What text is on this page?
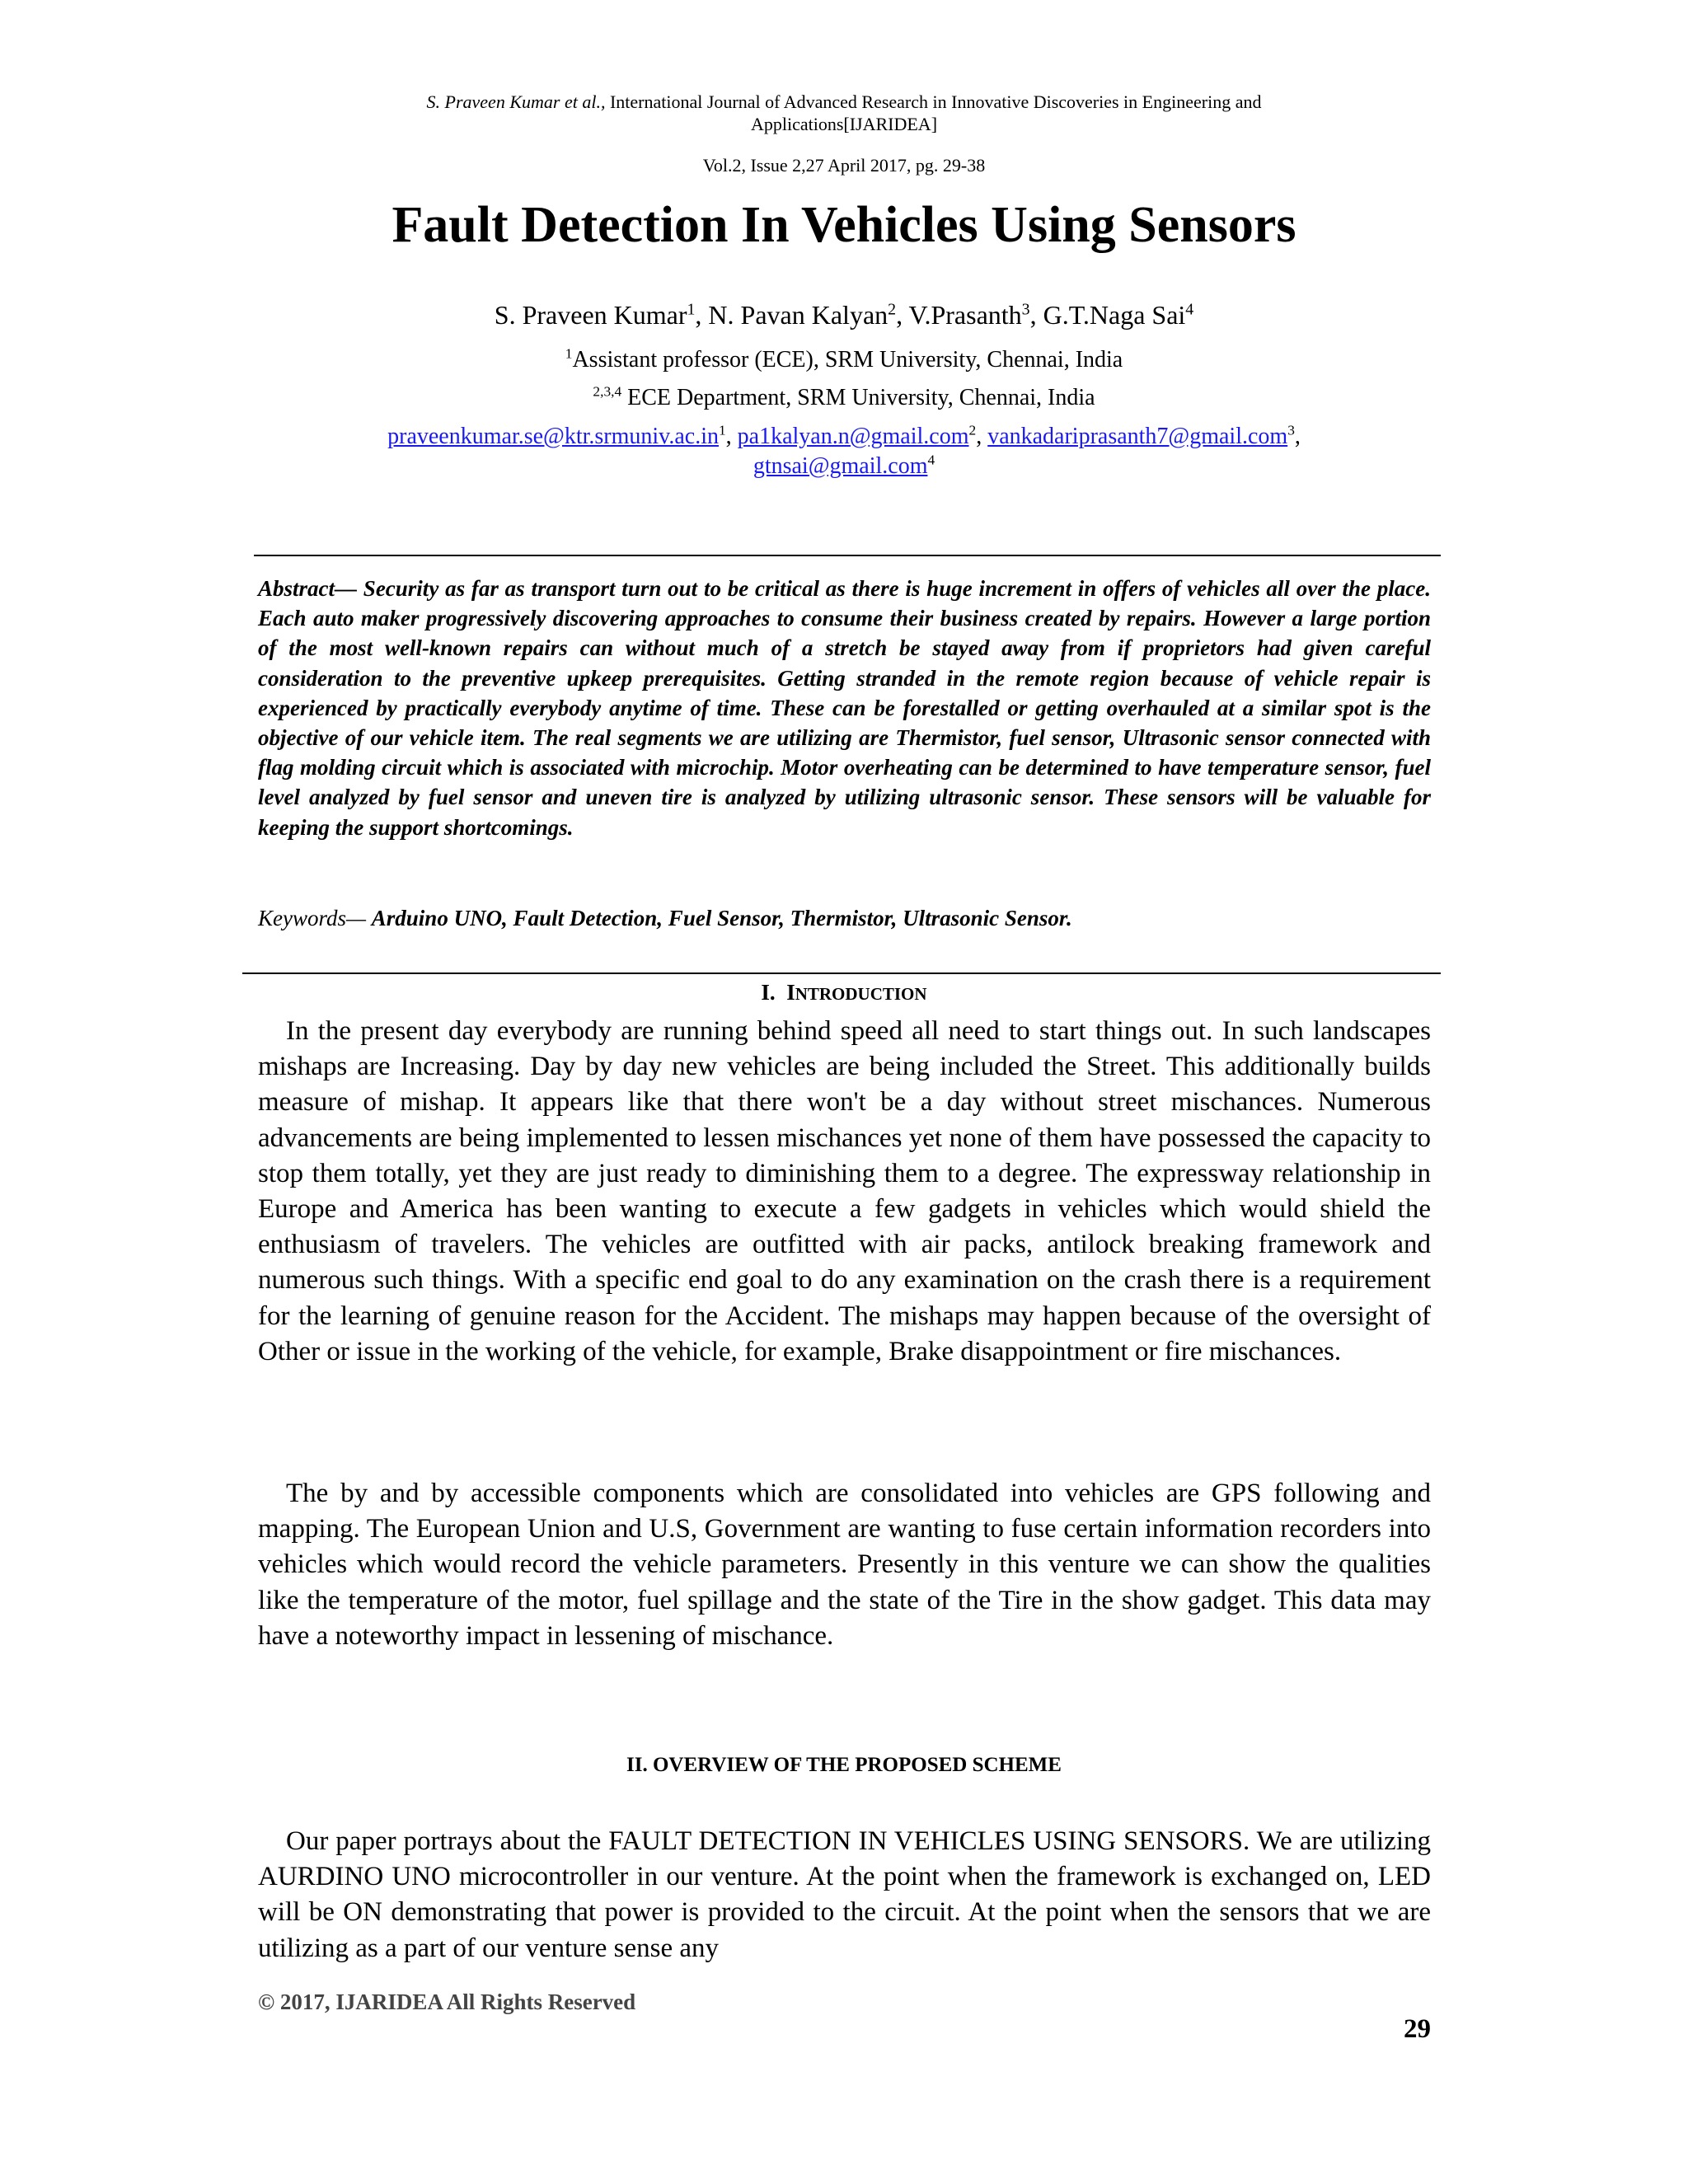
S. Praveen Kumar et al., International Journal of Advanced Research in Innovative Discoveries in Engineering and
Applications[IJARIDEA]
Vol.2, Issue 2,27 April 2017, pg. 29-38
Fault Detection In Vehicles Using Sensors
S. Praveen Kumar$^1$, N. Pavan Kalyan$^2$, V.Prasanth$^3$, G.T.Naga Sai$^4$
$^1$Assistant professor (ECE), SRM University, Chennai, India
$^{2,3,4}$ ECE Department, SRM University, Chennai, India
$praveenkumar.se@ktr.srmuniv.ac.in^1$, pa1kalyan.n@gmail.com$^2$, vankadariprasanth7@gmail.com$^3$,
gtnsai@gmail.com$^4$
Abstract— Security as far as transport turn out to be critical as there is huge increment in offers of vehicles all over the place. Each auto maker progressively discovering approaches to consume their business created by repairs. However a large portion of the most well-known repairs can without much of a stretch be stayed away from if proprietors had given careful consideration to the preventive upkeep prerequisites. Getting stranded in the remote region because of vehicle repair is experienced by practically everybody anytime of time. These can be forestalled or getting overhauled at a similar spot is the objective of our vehicle item. The real segments we are utilizing are Thermistor, fuel sensor, Ultrasonic sensor connected with flag molding circuit which is associated with microchip. Motor overheating can be determined to have temperature sensor, fuel level analyzed by fuel sensor and uneven tire is analyzed by utilizing ultrasonic sensor. These sensors will be valuable for keeping the support shortcomings.
Keywords— Arduino UNO, Fault Detection, Fuel Sensor, Thermistor, Ultrasonic Sensor.
I. INTRODUCTION

In the present day everybody are running behind speed all need to start things out. In such landscapes mishaps are Increasing. Day by day new vehicles are being included the Street. This additionally builds measure of mishap. It appears like that there won't be a day without street mischances. Numerous advancements are being implemented to lessen mischances yet none of them have possessed the capacity to stop them totally, yet they are just ready to diminishing them to a degree. The expressway relationship in Europe and America has been wanting to execute a few gadgets in vehicles which would shield the enthusiasm of travelers. The vehicles are outfitted with air packs, antilock breaking framework and numerous such things. With a specific end goal to do any examination on the crash there is a requirement for the learning of genuine reason for the Accident. The mishaps may happen because of the oversight of Other or issue in the working of the vehicle, for example, Brake disappointment or fire mischances.

The by and by accessible components which are consolidated into vehicles are GPS following and mapping. The European Union and U.S, Government are wanting to fuse certain information recorders into vehicles which would record the vehicle parameters. Presently in this venture we can show the qualities like the temperature of the motor, fuel spillage and the state of the Tire in the show gadget. This data may have a noteworthy impact in lessening of mischance.

II. OVERVIEW OF THE PROPOSED SCHEME

Our paper portrays about the FAULT DETECTION IN VEHICLES USING SENSORS. We are utilizing AURDINO UNO microcontroller in our venture. At the point when the framework is exchanged on, LED will be ON demonstrating that power is provided to the circuit. At the point when the sensors that we are utilizing as a part of our venture sense any

© 2017, IJARIDEA All Rights Reserved
29
